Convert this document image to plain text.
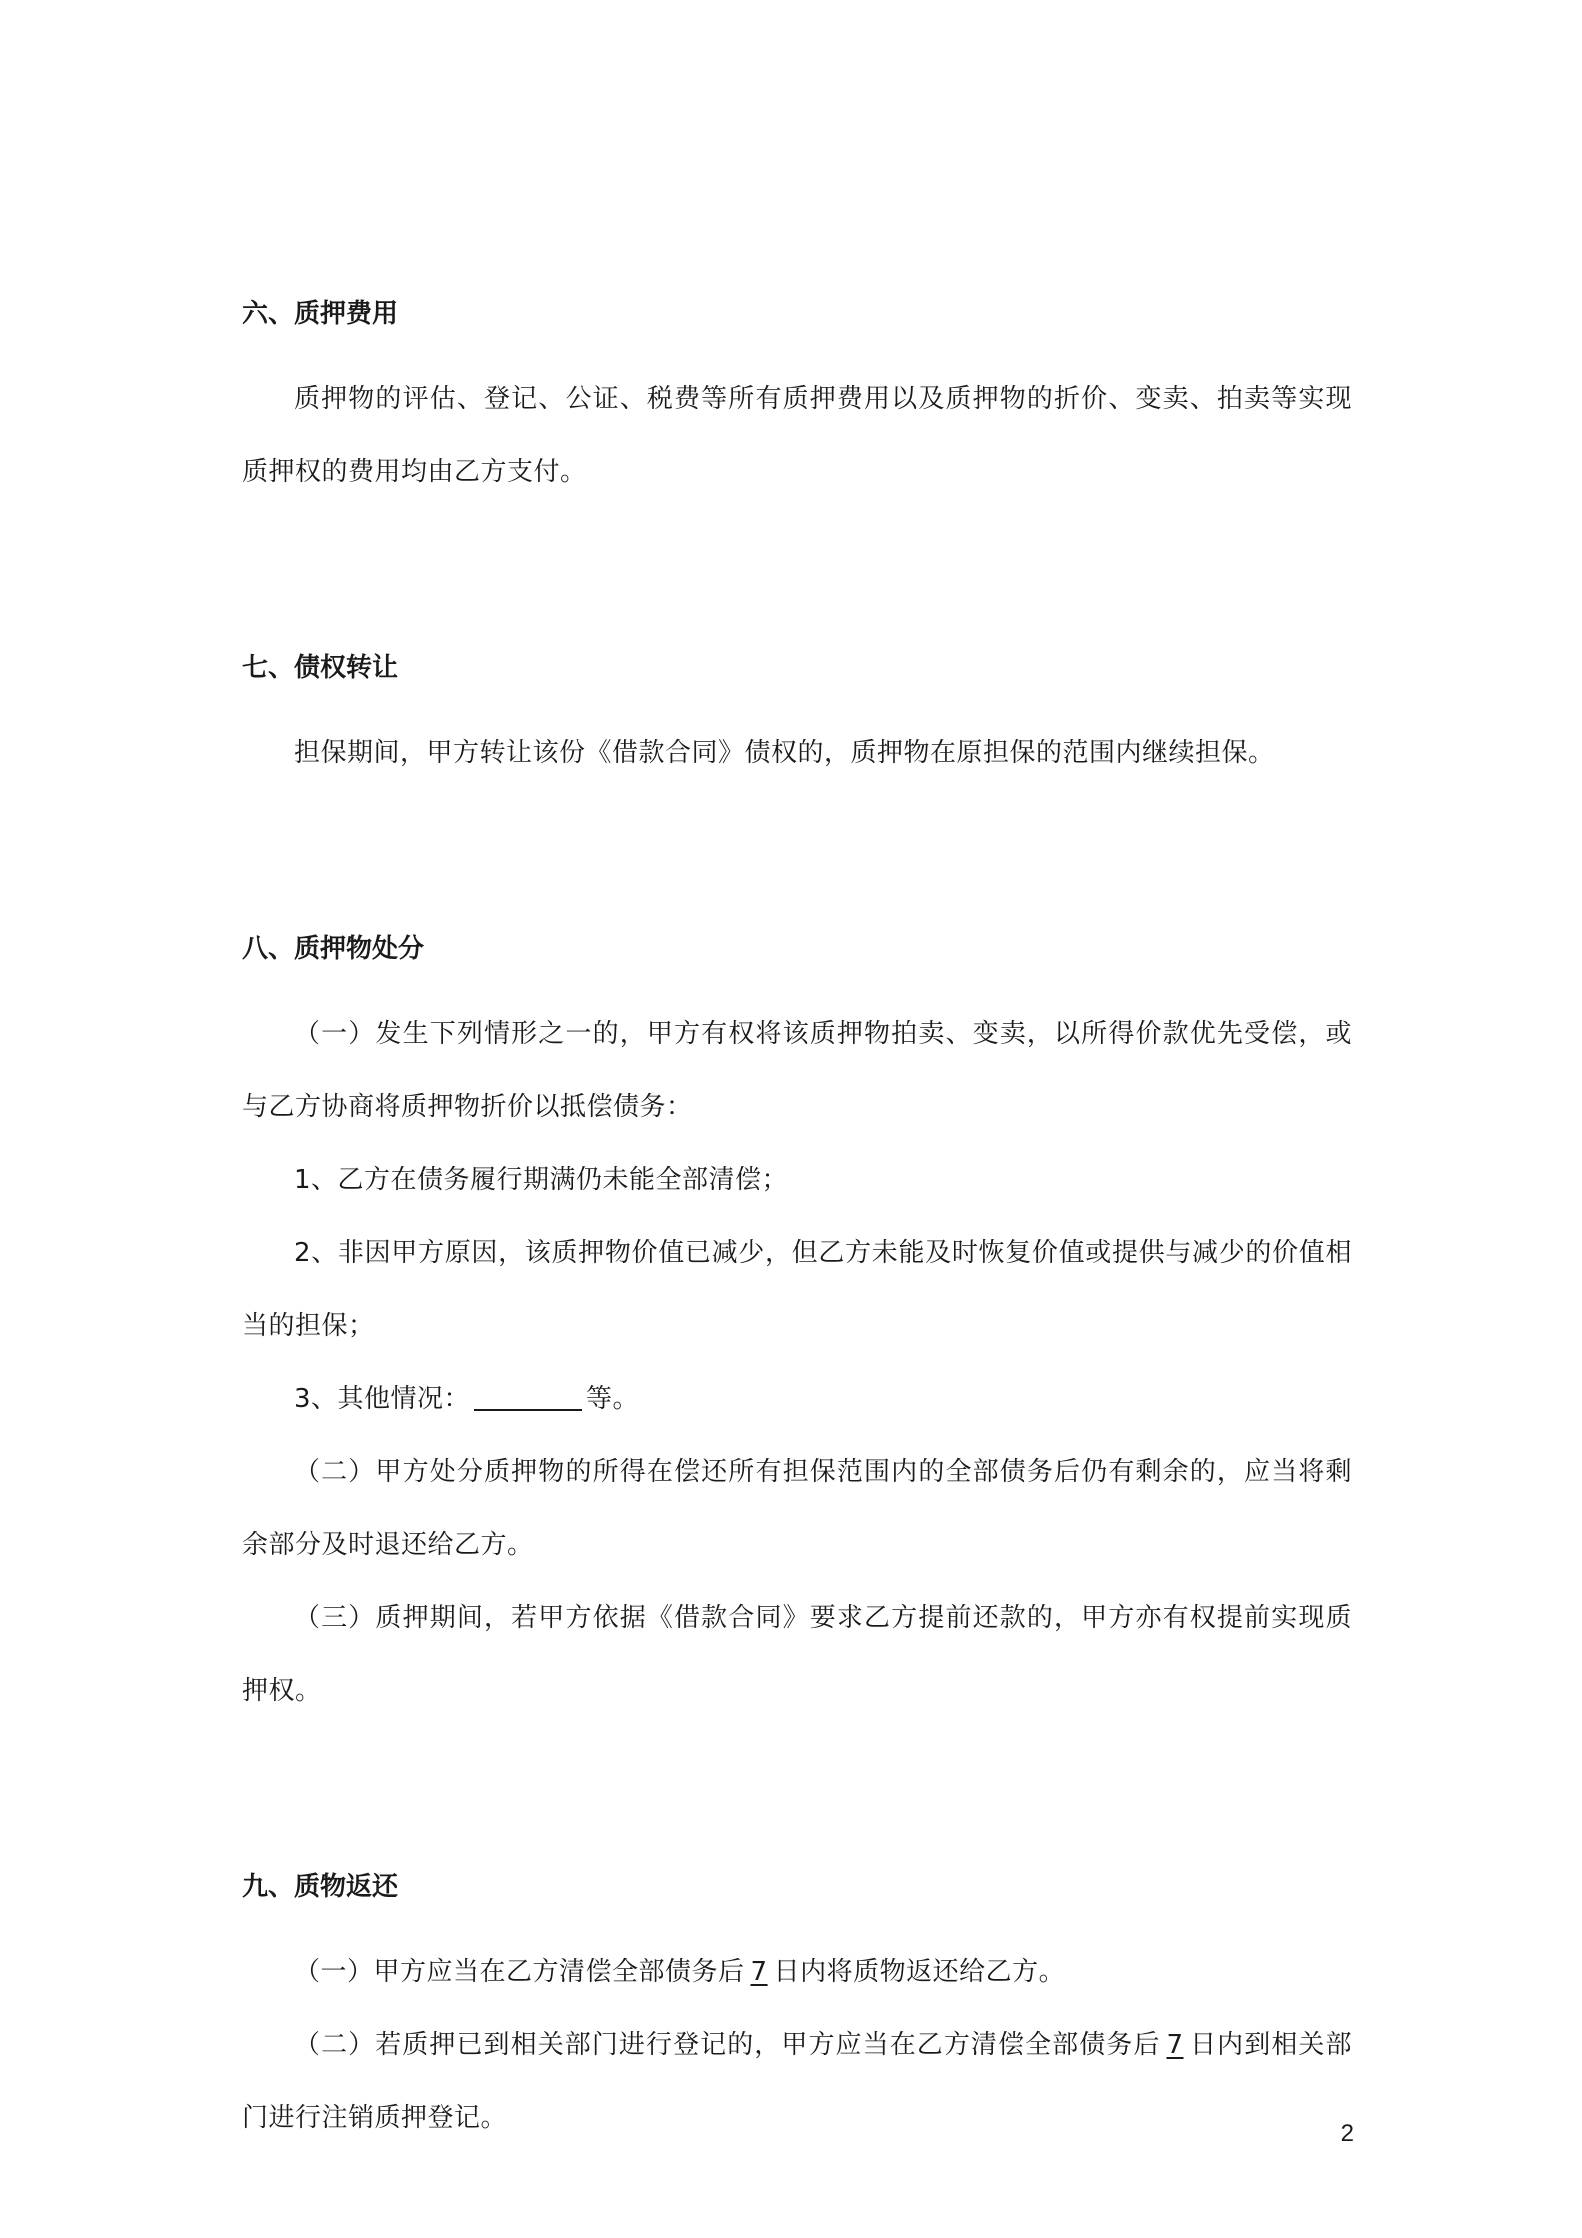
六、质押费用

质押物的评估、登记、公证、税费等所有质押费用以及质押物的折价、变卖、拍卖等实现质押权的费用均由乙方支付。

七、债权转让

担保期间，甲方转让该份《借款合同》债权的，质押物在原担保的范围内继续担保。

八、质押物处分

（一）发生下列情形之一的，甲方有权将该质押物拍卖、变卖，以所得价款优先受偿，或与乙方协商将质押物折价以抵偿债务：

1、乙方在债务履行期满仍未能全部清偿；

2、非因甲方原因，该质押物价值已减少，但乙方未能及时恢复价值或提供与减少的价值相当的担保；

3、其他情况：	等。

（二）甲方处分质押物的所得在偿还所有担保范围内的全部债务后仍有剩余的，应当将剩余部分及时退还给乙方。

（三）质押期间，若甲方依据《借款合同》要求乙方提前还款的，甲方亦有权提前实现质押权。

九、质物返还

（一）甲方应当在乙方清偿全部债务后 7 日内将质物返还给乙方。

（二）若质押已到相关部门进行登记的，甲方应当在乙方清偿全部债务后 7 日内到相关部门进行注销质押登记。

2
